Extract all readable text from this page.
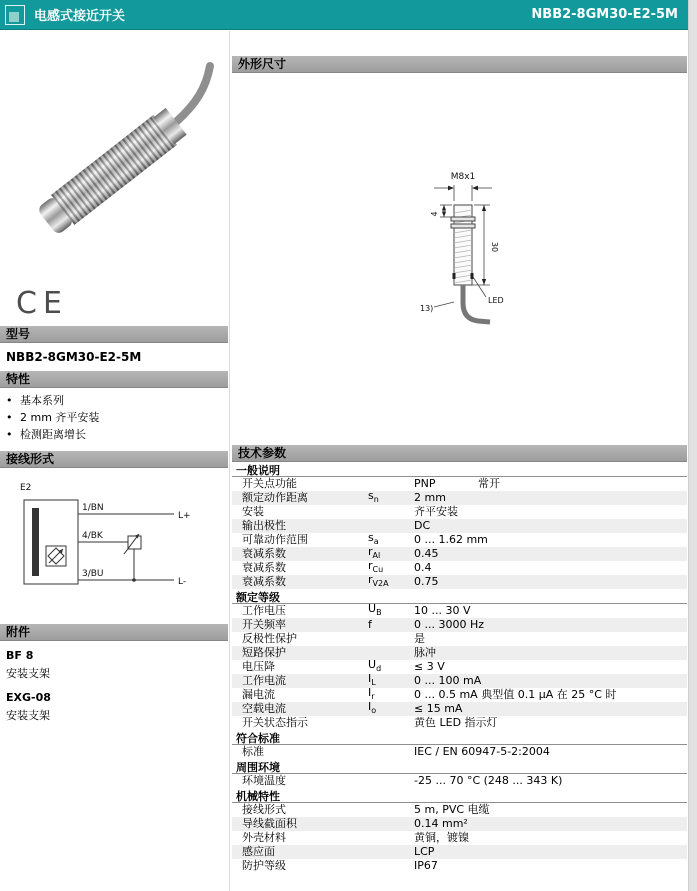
电感式接近开关	NBB2-8GM30-E2-5M
CE
型号
NBB2-8GM30-E2-5M
特性
• 基本系列
• 2 mm 齐平安装
• 检测距离增长
接线形式
E2
1/BN
4/BK
3/BU
L+
L-
附件
BF 8
安装支架
EXG-08
安装支架
外形尺寸
M8x1
4
30
13)
LED
技术参数
一般说明
开关点功能	PNP	常开
额定动作距离	$s_n$	2 mm
安装	齐平安装
输出极性	DC
可靠动作范围	$s_a$	0 ... 1.62 mm
衰减系数	$r_{Al}$	0.45
衰减系数	$r_{Cu}$	0.4
衰减系数	$r_{V2A}$	0.75
额定等级
工作电压	$U_B$	10 ... 30 V
开关频率	f	0 ... 3000 Hz
反极性保护	是
短路保护	脉冲
电压降	$U_d$	≤ 3 V
工作电流	$I_L$	0 ... 100 mA
漏电流	$I_r$	0 ... 0.5 mA 典型值 0.1 µA 在 25 °C 时
空载电流	$I_o$	≤ 15 mA
开关状态指示	黄色 LED 指示灯
符合标准
标准	IEC / EN 60947-5-2:2004
周围环境
环境温度	-25 ... 70 °C (248 ... 343 K)
机械特性
接线形式	5 m, PVC 电缆
导线截面积	0.14 mm²
外壳材料	黄铜，镀镍
感应面	LCP
防护等级	IP67
